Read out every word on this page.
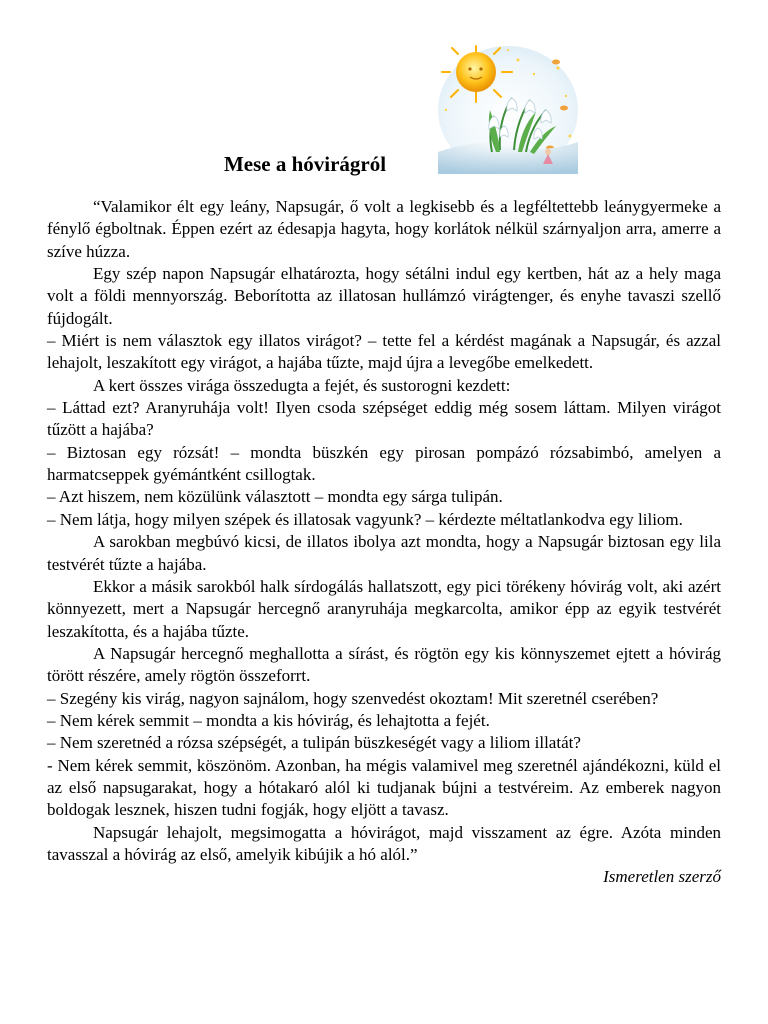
Mese a hóvirágról

“Valamikor élt egy leány, Napsugár, ő volt a legkisebb és a legféltettebb leánygyermeke a fénylő égboltnak. Éppen ezért az édesapja hagyta, hogy korlátok nélkül szárnyaljon arra, amerre a szíve húzza.

Egy szép napon Napsugár elhatározta, hogy sétálni indul egy kertben, hát az a hely maga volt a földi mennyország. Beborította az illatosan hullámzó virágtenger, és enyhe tavaszi szellő fújdogált.

– Miért is nem választok egy illatos virágot? – tette fel a kérdést magának a Napsugár, és azzal lehajolt, leszakított egy virágot, a hajába tűzte, majd újra a levegőbe emelkedett.

A kert összes virága összedugta a fejét, és sustorogni kezdett:

– Láttad ezt? Aranyruhája volt! Ilyen csoda szépséget eddig még sosem láttam. Milyen virágot tűzött a hajába?

– Biztosan egy rózsát! – mondta büszkén egy pirosan pompázó rózsabimbó, amelyen a harmatcseppek gyémántként csillogtak.

– Azt hiszem, nem közülünk választott – mondta egy sárga tulipán.

– Nem látja, hogy milyen szépek és illatosak vagyunk? – kérdezte méltatlankodva egy liliom.

A sarokban megbúvó kicsi, de illatos ibolya azt mondta, hogy a Napsugár biztosan egy lila testvérét tűzte a hajába.

Ekkor a másik sarokból halk sírdogálás hallatszott, egy pici törékeny hóvirág volt, aki azért könnyezett, mert a Napsugár hercegnő aranyruhája megkarcolta, amikor épp az egyik testvérét leszakította, és a hajába tűzte.

A Napsugár hercegnő meghallotta a sírást, és rögtön egy kis könnyszemet ejtett a hóvirág törött részére, amely rögtön összeforrt.

– Szegény kis virág, nagyon sajnálom, hogy szenvedést okoztam! Mit szeretnél cserében?

– Nem kérek semmit – mondta a kis hóvirág, és lehajtotta a fejét.

– Nem szeretnéd a rózsa szépségét, a tulipán büszkeségét vagy a liliom illatát?

- Nem kérek semmit, köszönöm. Azonban, ha mégis valamivel meg szeretnél ajándékozni, küld el az első napsugarakat, hogy a hótakaró alól ki tudjanak bújni a testvéreim. Az emberek nagyon boldogak lesznek, hiszen tudni fogják, hogy eljött a tavasz.

Napsugár lehajolt, megsimogatta a hóvirágot, majd visszament az égre. Azóta minden tavasszal a hóvirág az első, amelyik kibújik a hó alól.”

Ismeretlen szerző
